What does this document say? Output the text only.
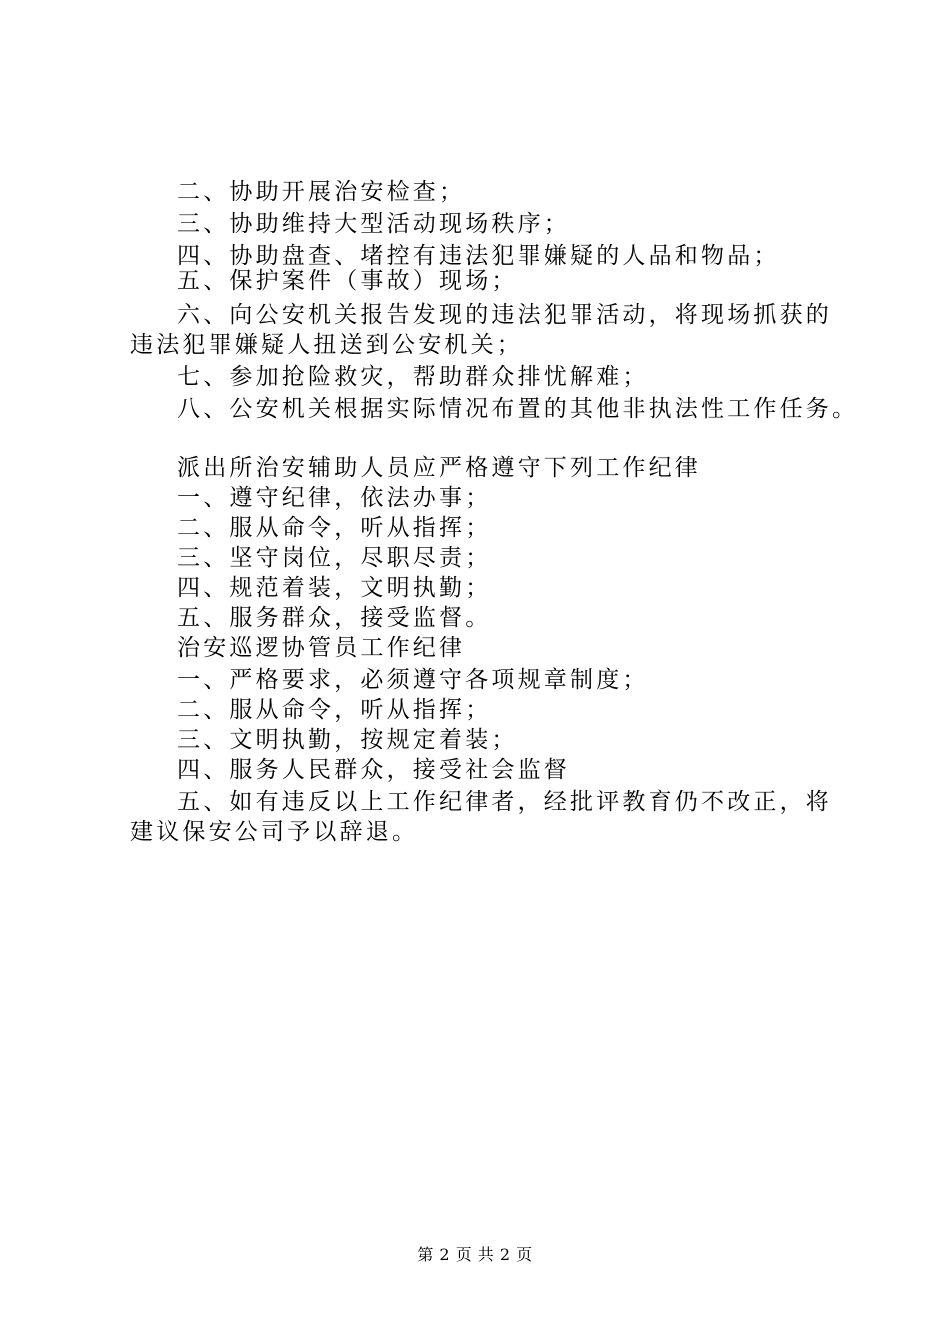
二、协助开展治安检查；
三、协助维持大型活动现场秩序；
四、协助盘查、堵控有违法犯罪嫌疑的人品和物品；
五、保护案件（事故）现场；
六、向公安机关报告发现的违法犯罪活动，将现场抓获的
违法犯罪嫌疑人扭送到公安机关；
七、参加抢险救灾，帮助群众排忧解难；
八、公安机关根据实际情况布置的其他非执法性工作任务。
派出所治安辅助人员应严格遵守下列工作纪律
一、遵守纪律，依法办事；
二、服从命令，听从指挥；
三、坚守岗位，尽职尽责；
四、规范着装，文明执勤；
五、服务群众，接受监督。
治安巡逻协管员工作纪律
一、严格要求，必须遵守各项规章制度；
二、服从命令，听从指挥；
三、文明执勤，按规定着装；
四、服务人民群众，接受社会监督
五、如有违反以上工作纪律者，经批评教育仍不改正，将
建议保安公司予以辞退。
第 2 页 共 2 页
